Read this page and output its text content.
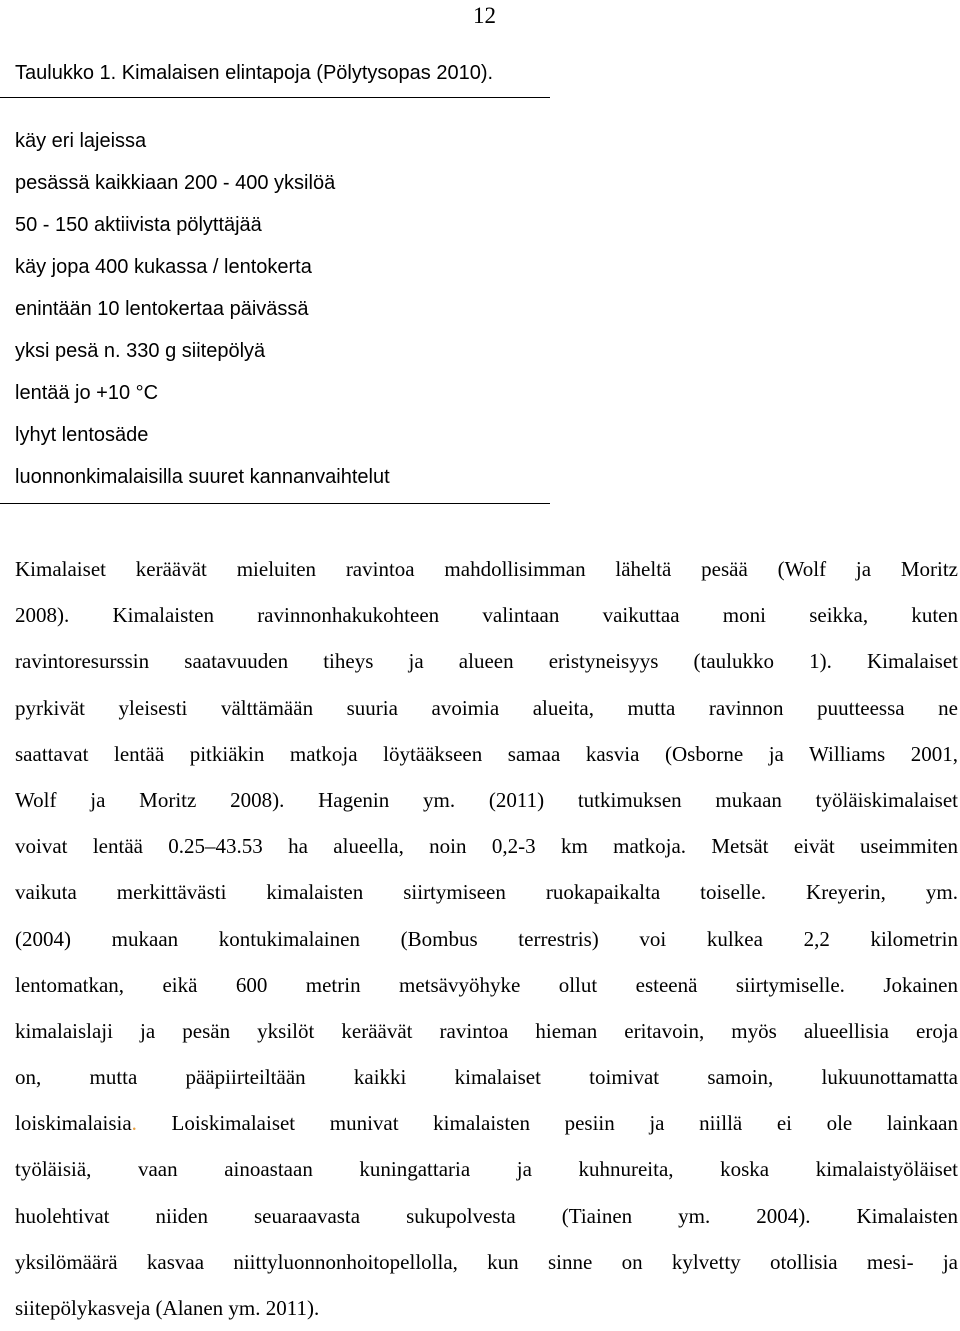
12
Taulukko 1. Kimalaisen elintapoja (Pölytysopas 2010).
käy eri lajeissa
pesässä kaikkiaan 200 - 400 yksilöä
50 - 150 aktiivista pölyttäjää
käy jopa 400 kukassa / lentokerta
enintään 10 lentokertaa päivässä
yksi pesä n. 330 g siitepölyä
lentää jo +10 °C
lyhyt lentosäde
luonnonkimalaisilla suuret kannanvaihtelut
Kimalaiset keräävät mieluiten ravintoa mahdollisimman läheltä pesää (Wolf ja Moritz
2008). Kimalaisten ravinnonhakukohteen valintaan vaikuttaa moni seikka, kuten
ravintoresurssin saatavuuden tiheys ja alueen eristyneisyys (taulukko 1). Kimalaiset
pyrkivät yleisesti välttämään suuria avoimia alueita, mutta ravinnon puutteessa ne
saattavat lentää pitkiäkin matkoja löytääkseen samaa kasvia (Osborne ja Williams 2001,
Wolf ja Moritz 2008). Hagenin ym. (2011) tutkimuksen mukaan työläiskimalaiset
voivat lentää 0.25–43.53 ha alueella, noin 0,2-3 km matkoja. Metsät eivät useimmiten
vaikuta merkittävästi kimalaisten siirtymiseen ruokapaikalta toiselle. Kreyerin, ym.
(2004) mukaan kontukimalainen (Bombus terrestris) voi kulkea 2,2 kilometrin
lentomatkan, eikä 600 metrin metsävyöhyke ollut esteenä siirtymiselle. Jokainen
kimalaislaji ja pesän yksilöt keräävät ravintoa hieman eritavoin, myös alueellisia eroja
on, mutta pääpiirteiltään kaikki kimalaiset toimivat samoin, lukuunottamatta
loiskimalaisia. Loiskimalaiset munivat kimalaisten pesiin ja niillä ei ole lainkaan
työläisiä, vaan ainoastaan kuningattaria ja kuhnureita, koska kimalaistyöläiset
huolehtivat niiden seuaraavasta sukupolvesta (Tiainen ym. 2004). Kimalaisten
yksilömäärä kasvaa niittyluonnonhoitopellolla, kun sinne on kylvetty otollisia mesi- ja
siitepölykasveja (Alanen ym. 2011).
